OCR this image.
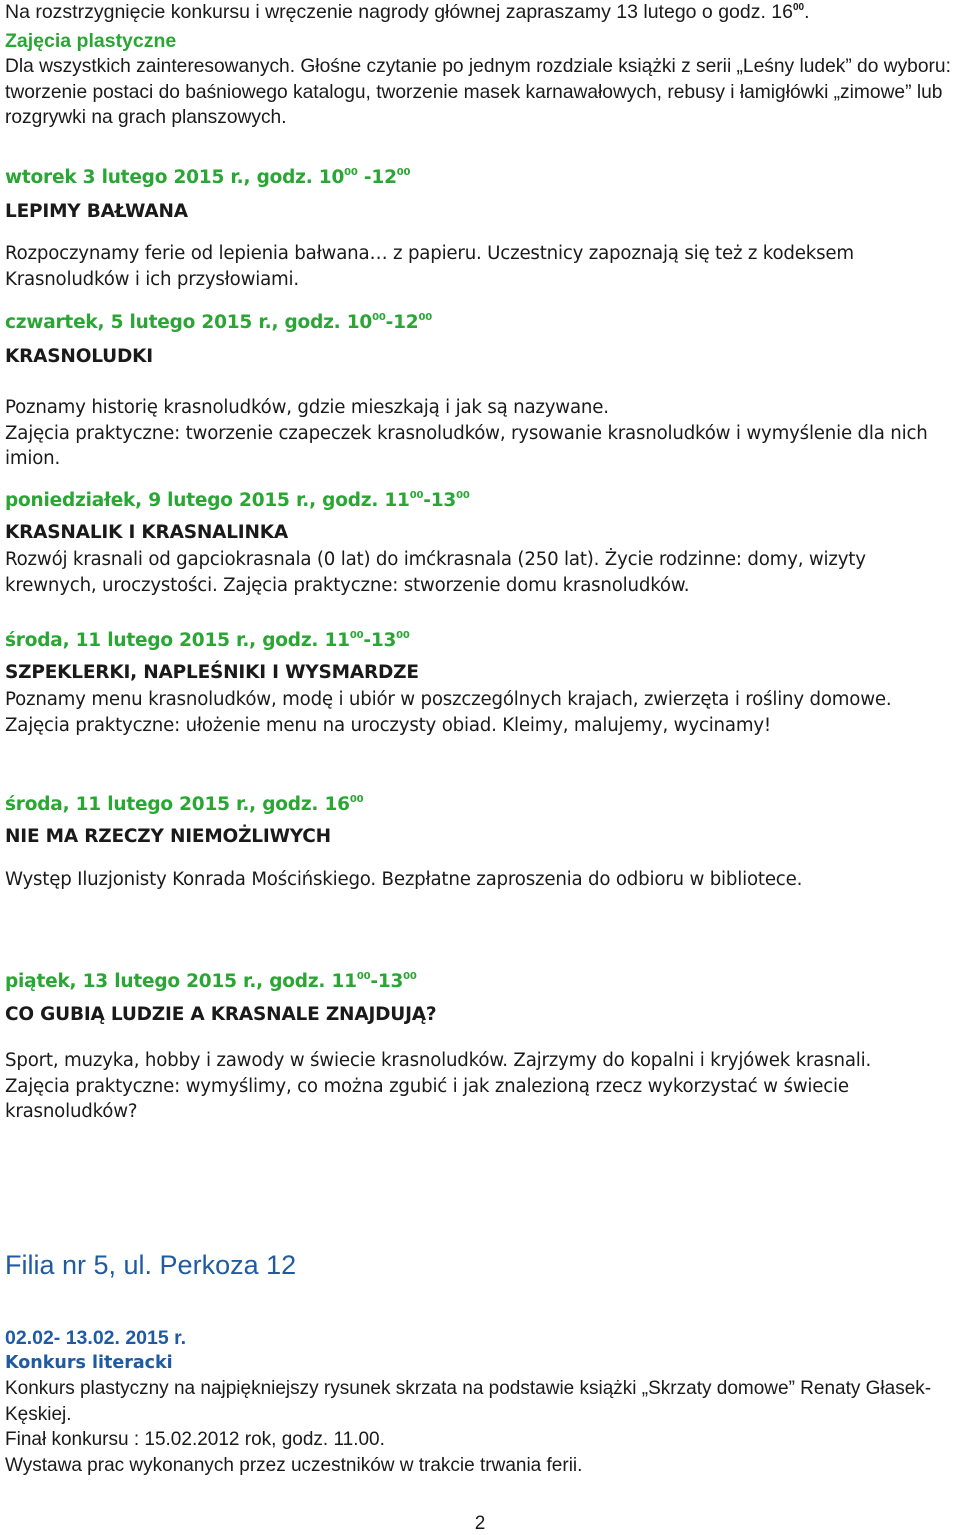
Na rozstrzygnięcie konkursu i wręczenie nagrody głównej zapraszamy 13 lutego o godz. $16^{00}$.

Zajęcia plastyczne

Dla wszystkich zainteresowanych. Głośne czytanie po jednym rozdziale książki z serii „Leśny ludek” do wyboru: tworzenie postaci do baśniowego katalogu, tworzenie masek karnawałowych, rebusy i łamigłówki „zimowe” lub rozgrywki na grach planszowych.

wtorek 3 lutego 2015 r., godz. $10^{00}$ $-12^{00}$

LEPIMY BAŁWANA

Rozpoczynamy ferie od lepienia bałwana… z papieru. Uczestnicy zapoznają się też z kodeksem Krasnoludków i ich przysłowiami.

czwartek, 5 lutego 2015 r., godz. $10^{00}-12^{00}$

KRASNOLUDKI

Poznamy historię krasnoludków, gdzie mieszkają i jak są nazywane.

Zajęcia praktyczne: tworzenie czapeczek krasnoludków, rysowanie krasnoludków i wymyślenie dla nich imion.

poniedziałek, 9 lutego 2015 r., godz. $11^{00}-13^{00}$

KRASNALIK I KRASNALINKA

Rozwój krasnali od gapciokrasnala (0 lat) do imćkrasnala (250 lat). Życie rodzinne: domy, wizyty krewnych, uroczystości. Zajęcia praktyczne: stworzenie domu krasnoludków.

środa, 11 lutego 2015 r., godz. $11^{00}-13^{00}$

SZPEKLERKI, NAPLEŚNIKI I WYSMARDZE

Poznamy menu krasnoludków, modę i ubiór w poszczególnych krajach, zwierzęta i rośliny domowe.

Zajęcia praktyczne: ułożenie menu na uroczysty obiad. Kleimy, malujemy, wycinamy!

środa, 11 lutego 2015 r., godz. $16^{00}$

NIE MA RZECZY NIEMOŻLIWYCH

Występ Iluzjonisty Konrada Mościńskiego. Bezpłatne zaproszenia do odbioru w bibliotece.

piątek, 13 lutego 2015 r., godz. $11^{00}-13^{00}$

CO GUBIĄ LUDZIE A KRASNALE ZNAJDUJĄ?

Sport, muzyka, hobby i zawody w świecie krasnoludków. Zajrzymy do kopalni i kryjówek krasnali.

Zajęcia praktyczne: wymyślimy, co można zgubić i jak znalezioną rzecz wykorzystać w świecie krasnoludków?

Filia nr 5, ul. Perkoza 12

02.02- 13.02. 2015 r.

Konkurs literacki

Konkurs plastyczny na najpiękniejszy rysunek skrzata na podstawie książki „Skrzaty domowe” Renaty Głasek-Kęskiej.

Finał konkursu : 15.02.2012 rok, godz. 11.00.

Wystawa prac wykonanych przez uczestników w trakcie trwania ferii.

2
